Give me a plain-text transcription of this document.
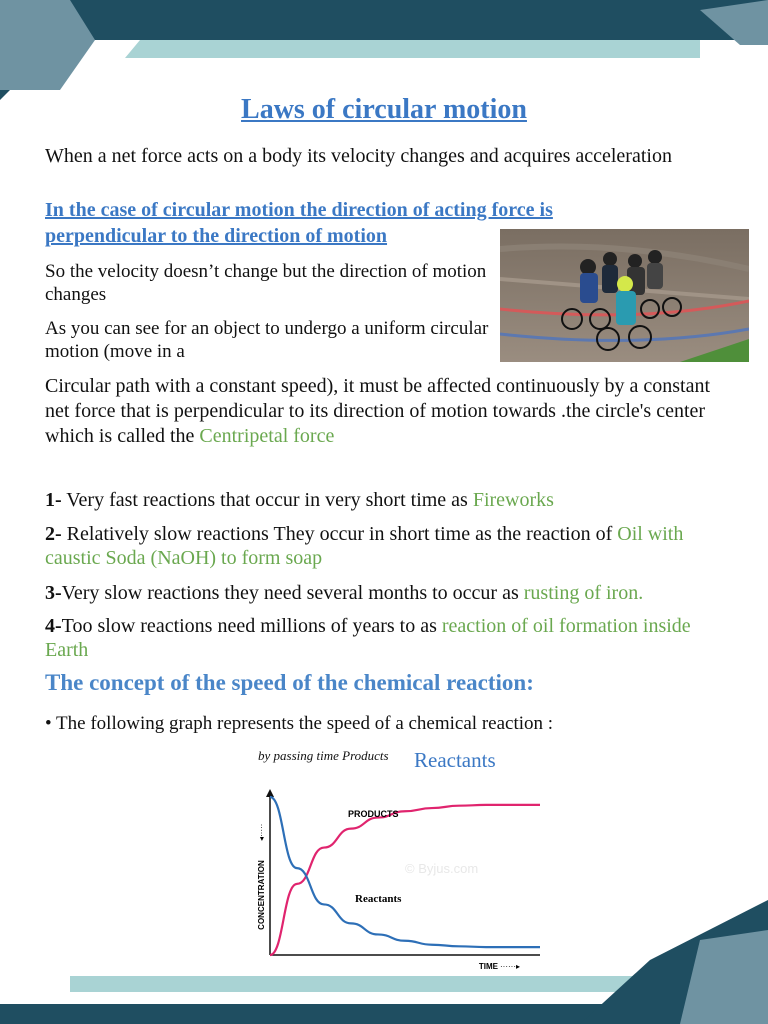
Laws of circular motion
When a net force acts on a body its velocity changes and acquires acceleration
In the case of circular motion the direction of acting force is
perpendicular to the direction of motion
So the velocity doesn’t change but the direction of motion changes
As you can see for an object to undergo a uniform circular motion (move in a
Circular path with a constant speed), it must be affected continuously by a constant net force that is perpendicular to its direction of motion towards .the circle's center which is called the Centripetal force
1- Very fast reactions that occur in very short time as Fireworks
2- Relatively slow reactions They occur in short time as the reaction of Oil with caustic Soda (NaOH) to form soap
3-Very slow reactions they need several months to occur as rusting of iron.
4-Too slow reactions need millions of years to as reaction of oil formation inside Earth
The concept of the speed of the chemical reaction:
• The following graph represents the speed of a chemical reaction :
by passing time Products Reactants
CONCENTRATION
TIME
© Byjus.com
······▸
◂·····
PRODUCTS
Reactants
